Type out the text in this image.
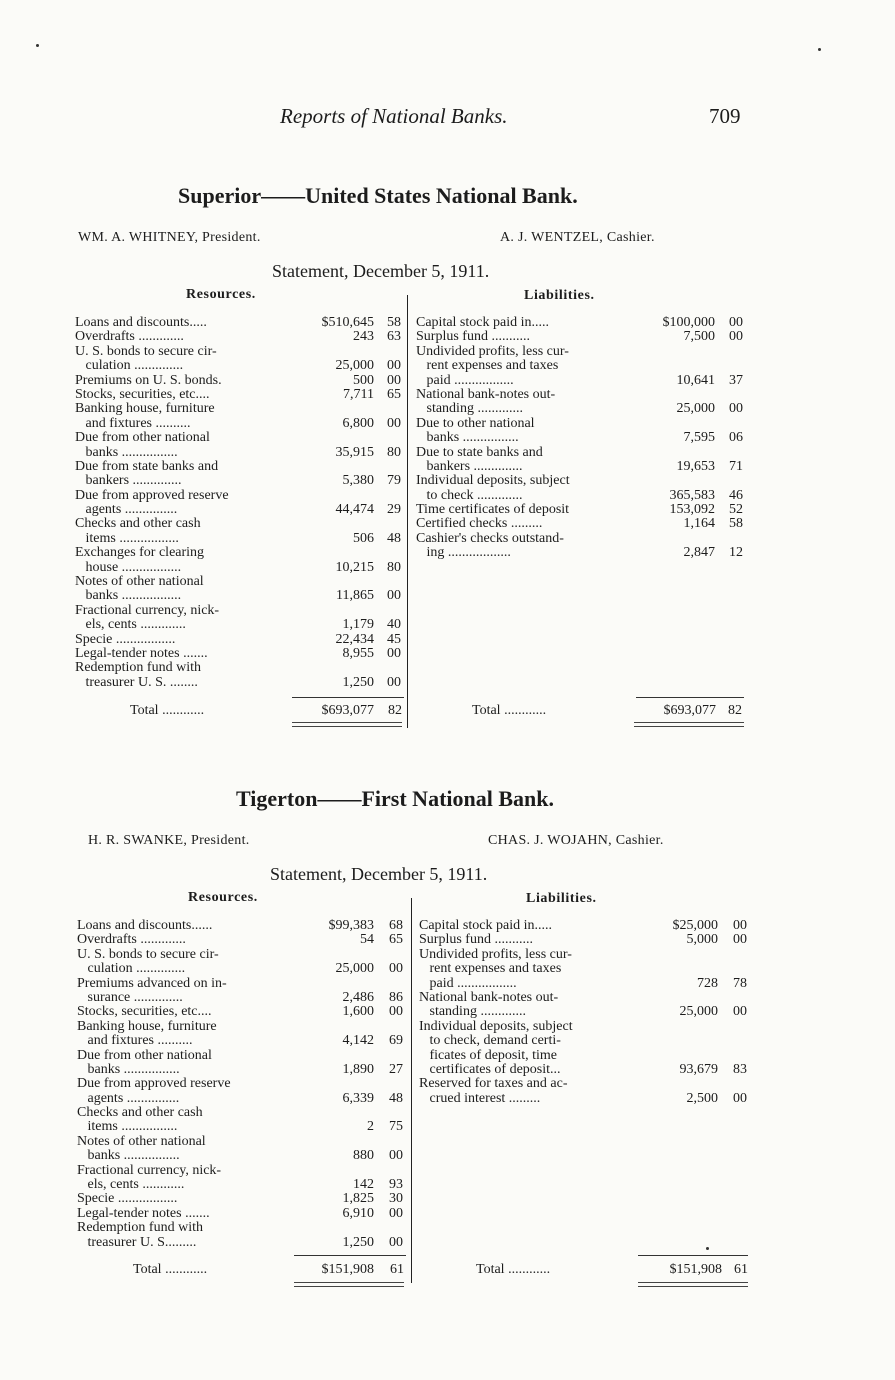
Reports of National Banks.	709
Superior——United States National Bank.
WM. A. WHITNEY, President.	A. J. WENTZEL, Cashier.
Statement, December 5, 1911.
Resources.	Liabilities.
Loans and discounts.....	$510,645 58
Overdrafts .............	243 63
U. S. bonds to secure cir-
culation ..............	25,000 00
Premiums on U. S. bonds.	500 00
Stocks, securities, etc....	7,711 65
Banking house, furniture
and fixtures ..........	6,800 00
Due from other national
banks ................	35,915 80
Due from state banks and
bankers ..............	5,380 79
Due from approved reserve
agents ...............	44,474 29
Checks and other cash
items .................	506 48
Exchanges for clearing
house .................	10,215 80
Notes of other national
banks .................	11,865 00
Fractional currency, nick-
els, cents .............	1,179 40
Specie .................	22,434 45
Legal-tender notes .......	8,955 00
Redemption fund with
treasurer U. S. ........	1,250 00
Capital stock paid in.....	$100,000	00
Surplus fund ...........	7,500	00
Undivided profits, less cur-
rent expenses and taxes
paid .................	10,641	37
National bank-notes out-
standing .............	25,000	00
Due to other national
banks ................	7,595	06
Due to state banks and
bankers ..............	19,653	71
Individual deposits, subject
to check .............	365,583	46
Time certificates of deposit	153,092	52
Certified checks .........	1,164	58
Cashier's checks outstand-
ing ..................	2,847	12
Total ............	$693,077	82	Total ............	$693,077 82
Tigerton——First National Bank.
H. R. SWANKE, President.	CHAS. J. WOJAHN, Cashier.
Statement, December 5, 1911.
Resources.	Liabilities.
Loans and discounts......	$99,383	68
Overdrafts .............	54	65
U. S. bonds to secure cir-
culation ..............	25,000	00
Premiums advanced on in-
surance ..............	2,486	86
Stocks, securities, etc....	1,600	00
Banking house, furniture
and fixtures ..........	4,142	69
Due from other national
banks ................	1,890	27
Due from approved reserve
agents ...............	6,339	48
Checks and other cash
items ................	2	75
Notes of other national
banks ................	880	00
Fractional currency, nick-
els, cents ............	142	93
Specie .................	1,825	30
Legal-tender notes .......	6,910	00
Redemption fund with
treasurer U. S.........	1,250	00
Capital stock paid in.....	$25,000	00
Surplus fund ...........	5,000	00
Undivided profits, less cur-
rent expenses and taxes
paid .................	728	78
National bank-notes out-
standing .............	25,000	00
Individual deposits, subject
to check, demand certi-
ficates of deposit, time
certificates of deposit...	93,679	83
Reserved for taxes and ac-
crued interest .........	2,500	00
Total ............	$151,908	61	Total ............	$151,908 61
